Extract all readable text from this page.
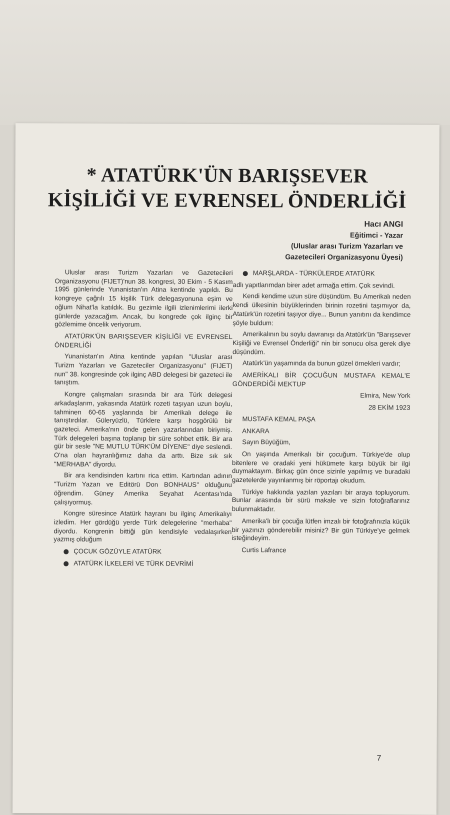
* ATATÜRK'ÜN BARIŞSEVER
KİŞİLİĞİ VE EVRENSEL ÖNDERLİĞİ
Hacı ANGI
Eğitimci - Yazar
(Uluslar arası Turizm Yazarları ve
Gazetecileri Organizasyonu Üyesi)

Uluslar arası Turizm Yazarları ve Gazetecileri Organizasyonu (FIJET)'nun 38. kongresi, 30 Ekim - 5 Kasım 1995 günlerinde Yunanistan'ın Atina kentinde yapıldı. Bu kongreye çağrılı 15 kişilik Türk delegasyonuna eşim ve oğlum Nihat'la katıldık. Bu gezimle ilgili izlenimlerimi ilerki günlerde yazacağım. Ancak, bu kongrede çok ilginç bir gözlemime öncelik veriyorum.

ATATÜRK'ÜN BARIŞSEVER KİŞİLİĞİ VE EVRENSEL ÖNDERLİĞİ

Yunanistan'ın Atina kentinde yapılan "Uluslar arası Turizm Yazarları ve Gazeteciler Organizasyonu" (FIJET) nun" 38. kongresinde çok ilginç ABD delegesi bir gazeteci ile tanıştım.

Kongre çalışmaları sırasında bir ara Türk delegesi arkadaşlarım, yakasında Atatürk rozeti taşıyan uzun boylu, tahminen 60-65 yaşlarında bir Amerikalı delege ile tanıştırdılar. Güleryüzlü, Türklere karşı hoşgörülü bir gazeteci. Amerika'nın önde gelen yazarlarından biriymiş. Türk delegeleri başına toplanıp bir süre sohbet ettik. Bir ara gür bir sesle "NE MUTLU TÜRK'ÜM DİYENE" diye seslendi. O'na olan hayranlığımız daha da arttı. Bize sık sık "MERHABA" diyordu.

Bir ara kendisinden kartını rica ettim. Kartından adının "Turizm Yazarı ve Editörü Don BONHAUS" olduğunu öğrendim. Güney Amerika Seyahat Acentası'nda çalışıyormuş.

Kongre süresince Atatürk hayranı bu ilginç Amerikalıyı izledim. Her gördüğü yerde Türk delegelerine "merhaba" diyordu. Kongrenin bittiği gün kendisiyle vedalaşırken yazmış olduğum

ÇOCUK GÖZÜYLE ATATÜRK

ATATÜRK İLKELERİ VE TÜRK DEVRİMİ

MARŞLARDA - TÜRKÜLERDE ATATÜRK

adlı yapıtlarımdan birer adet armağa ettim. Çok sevindi.

Kendi kendime uzun süre düşündüm. Bu Amerikalı neden kendi ülkesinin büyüklerinden birinin rozetini taşımıyor da, Atatürk'ün rozetini taşıyor diye... Bunun yanıtını da kendimce şöyle buldum:

Amerikalının bu soylu davranışı da Atatürk'ün "Barışsever Kişiliği ve Evrensel Önderliği" nin bir sonucu olsa gerek diye düşündüm.

Atatürk'ün yaşamında da bunun güzel örnekleri vardır;

AMERİKALI BİR ÇOCUĞUN MUSTAFA KEMAL'E GÖNDERDİĞİ MEKTUP

Elmira, New York

28 EKİM 1923

MUSTAFA KEMAL PAŞA

ANKARA

Sayın Büyüğüm,

On yaşında Amerikalı bir çocuğum. Türkiye'de olup bitenlere ve oradaki yeni hükümete karşı büyük bir ilgi duymaktayım. Birkaç gün önce sizinle yapılmış ve buradaki gazetelerde yayınlanmış bir röportajı okudum.

Türkiye hakkında yazılan yazıları bir araya topluyorum. Bunlar arasında bir sürü makale ve sizin fotoğraflarınız bulunmaktadır.

Amerika'lı bir çocuğa lütfen imzalı bir fotoğrafınızla küçük bir yazınızı gönderebilir misiniz? Bir gün Türkiye'ye gelmek isteğindeyim.

Curtis Lafrance

7
